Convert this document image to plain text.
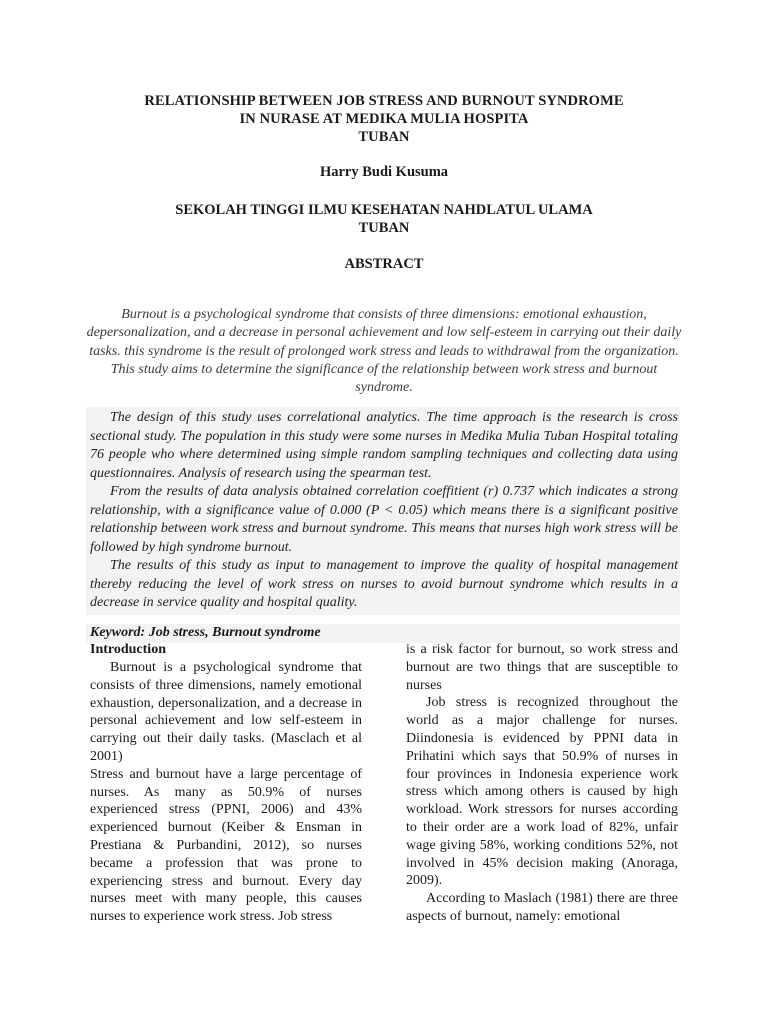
RELATIONSHIP BETWEEN JOB STRESS AND BURNOUT SYNDROME
IN NURASE AT MEDIKA MULIA HOSPITA
TUBAN
Harry Budi Kusuma
SEKOLAH TINGGI ILMU KESEHATAN NAHDLATUL ULAMA
TUBAN
ABSTRACT
Burnout is a psychological syndrome that consists of three dimensions: emotional exhaustion, depersonalization, and a decrease in personal achievement and low self-esteem in carrying out their daily tasks. this syndrome is the result of prolonged work stress and leads to withdrawal from the organization. This study aims to determine the significance of the relationship between work stress and burnout syndrome.

The design of this study uses correlational analytics. The time approach is the research is cross sectional study. The population in this study were some nurses in Medika Mulia Tuban Hospital totaling 76 people who where determined using simple random sampling techniques and collecting data using questionnaires. Analysis of research using the spearman test.

From the results of data analysis obtained correlation coeffitient (r) 0.737 which indicates a strong relationship, with a significance value of 0.000 (P < 0.05) which means there is a significant positive relationship between work stress and burnout syndrome. This means that nurses high work stress will be followed by high syndrome burnout.

The results of this study as input to management to improve the quality of hospital management thereby reducing the level of work stress on nurses to avoid burnout syndrome which results in a decrease in service quality and hospital quality.

Keyword: Job stress, Burnout syndrome
Introduction

Burnout is a psychological syndrome that consists of three dimensions, namely emotional exhaustion, depersonalization, and a decrease in personal achievement and low self-esteem in carrying out their daily tasks. (Masclach et al 2001)

Stress and burnout have a large percentage of nurses. As many as 50.9% of nurses experienced stress (PPNI, 2006) and 43% experienced burnout (Keiber & Ensman in Prestiana & Purbandini, 2012), so nurses became a profession that was prone to experiencing stress and burnout. Every day nurses meet with many people, this causes nurses to experience work stress. Job stress

is a risk factor for burnout, so work stress and burnout are two things that are susceptible to nurses

Job stress is recognized throughout the world as a major challenge for nurses. Diindonesia is evidenced by PPNI data in Prihatini which says that 50.9% of nurses in four provinces in Indonesia experience work stress which among others is caused by high workload. Work stressors for nurses according to their order are a work load of 82%, unfair wage giving 58%, working conditions 52%, not involved in 45% decision making (Anoraga, 2009).

According to Maslach (1981) there are three aspects of burnout, namely: emotional
